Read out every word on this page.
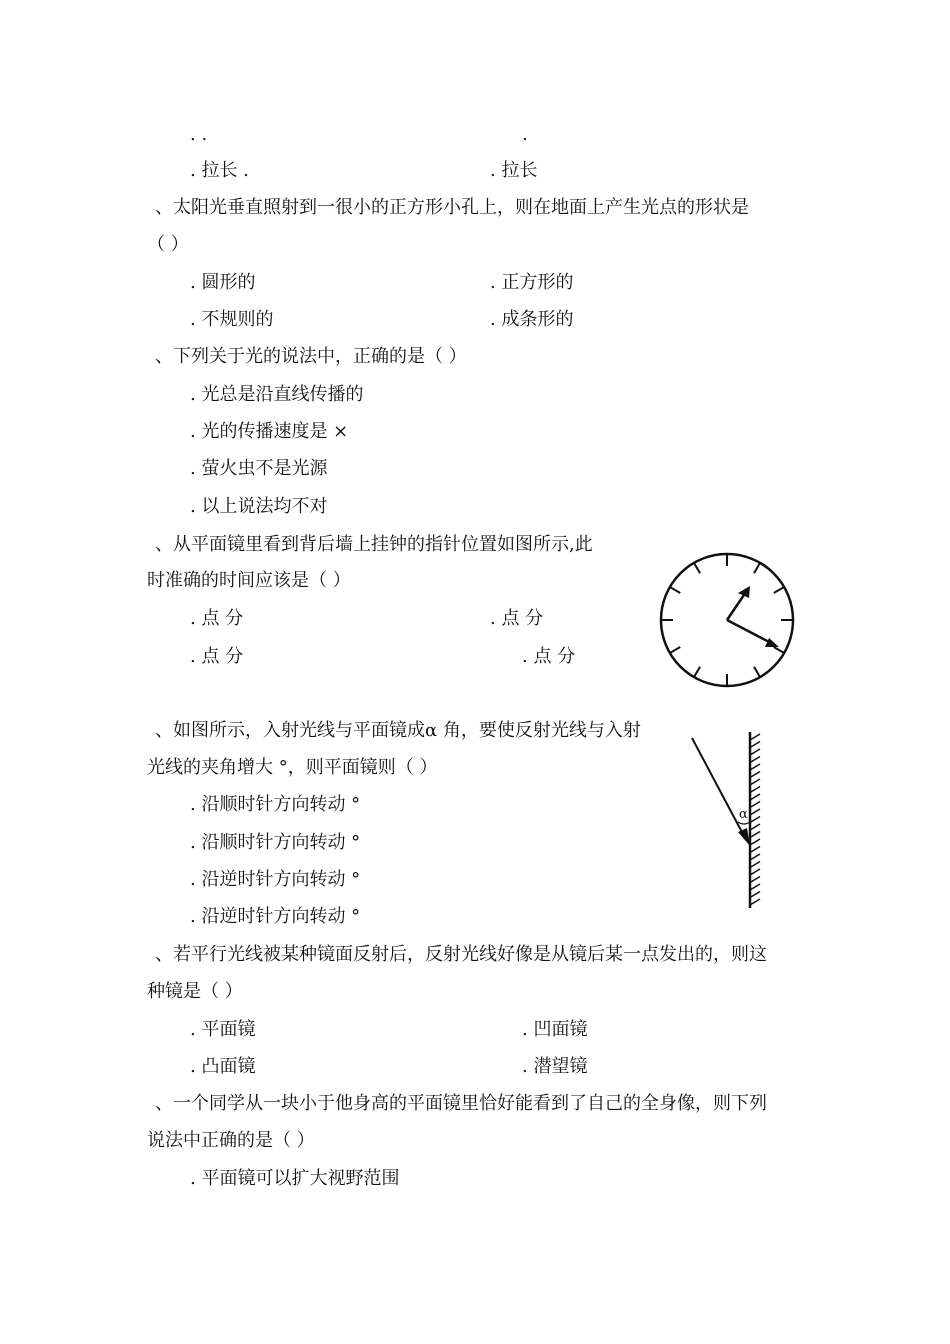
. .	.
. 拉长 .	. 拉长
、太阳光垂直照射到一很小的正方形小孔上，则在地面上产生光点的形状是
（ ）
. 圆形的	. 正方形的
. 不规则的	. 成条形的
、下列关于光的说法中，正确的是（ ）
. 光总是沿直线传播的
. 光的传播速度是 ×
. 萤火虫不是光源
. 以上说法均不对
、从平面镜里看到背后墙上挂钟的指针位置如图所示,此
时准确的时间应该是（ ）
. 点 分	. 点 分
. 点 分	. 点 分
、如图所示，入射光线与平面镜成α 角，要使反射光线与入射
光线的夹角增大 °，则平面镜则（ ）
. 沿顺时针方向转动 °
. 沿顺时针方向转动 °
. 沿逆时针方向转动 °
. 沿逆时针方向转动 °
α
、若平行光线被某种镜面反射后，反射光线好像是从镜后某一点发出的，则这
种镜是（ ）
. 平面镜	. 凹面镜
. 凸面镜	. 潜望镜
、一个同学从一块小于他身高的平面镜里恰好能看到了自己的全身像，则下列
说法中正确的是（ ）
. 平面镜可以扩大视野范围
